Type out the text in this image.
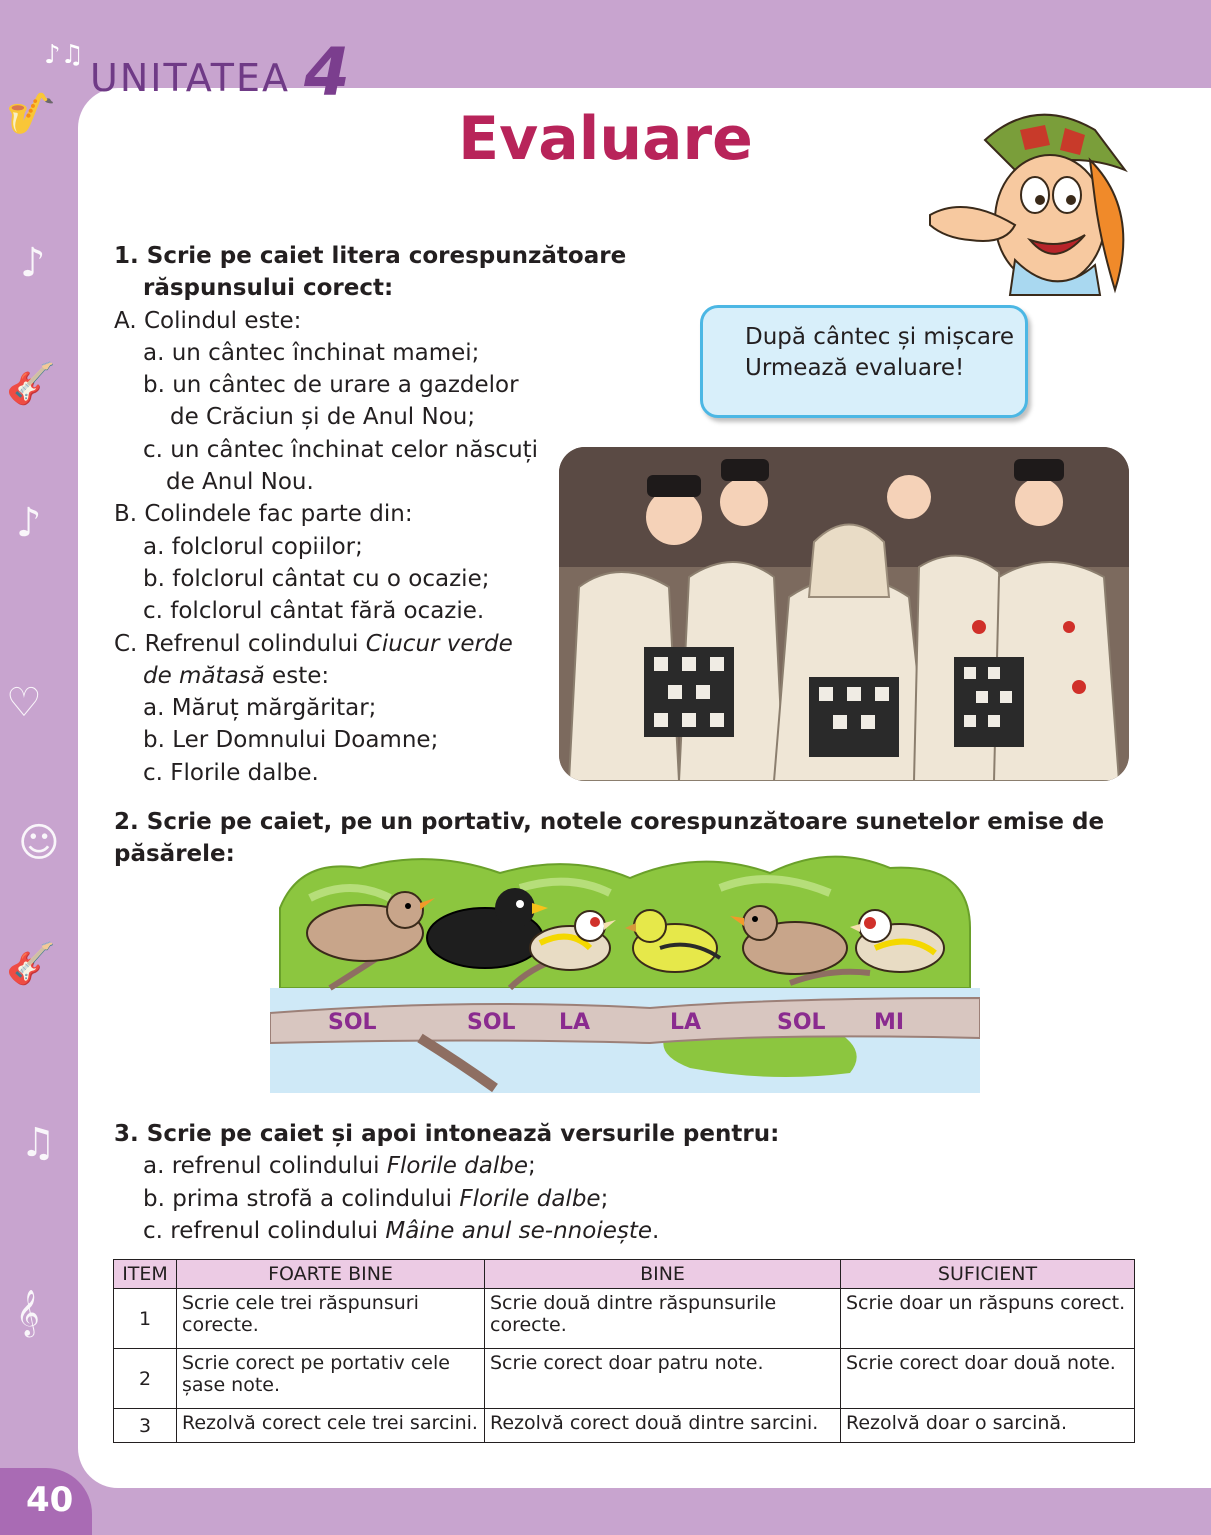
🎷
♪
🎸
♪
♡
☺
🎸
♫
𝄞
♪♫
UNITATEA 4
40
Evaluare
După cântec și mișcare
Urmează evaluare!
1. Scrie pe caiet litera corespunzătoare
răspunsului corect:
A. Colindul este:
a. un cântec închinat mamei;
b. un cântec de urare a gazdelor
de Crăciun și de Anul Nou;
c. un cântec închinat celor născuți
de Anul Nou.
B. Colindele fac parte din:
a. folclorul copiilor;
b. folclorul cântat cu o ocazie;
c. folclorul cântat fără ocazie.
C. Refrenul colindului Ciucur verde
de mătasă este:
a. Măruț mărgăritar;
b. Ler Domnului Doamne;
c. Florile dalbe.
2. Scrie pe caiet, pe un portativ, notele corespunzătoare sunetelor emise de păsărele:
SOL	SOL LA	LA	SOL MI
3. Scrie pe caiet și apoi intonează versurile pentru:
a. refrenul colindului Florile dalbe;
b. prima strofă a colindului Florile dalbe;
c. refrenul colindului Mâine anul se-nnoiește.
ITEM	FOARTE BINE	BINE	SUFICIENT
1	Scrie cele trei răspunsuri corecte.	Scrie două dintre răspunsurile corecte.	Scrie doar un răspuns corect.
2	Scrie corect pe portativ cele șase note.	Scrie corect doar patru note.	Scrie corect doar două note.
3	Rezolvă corect cele trei sarcini.	Rezolvă corect două dintre sarcini.	Rezolvă doar o sarcină.
